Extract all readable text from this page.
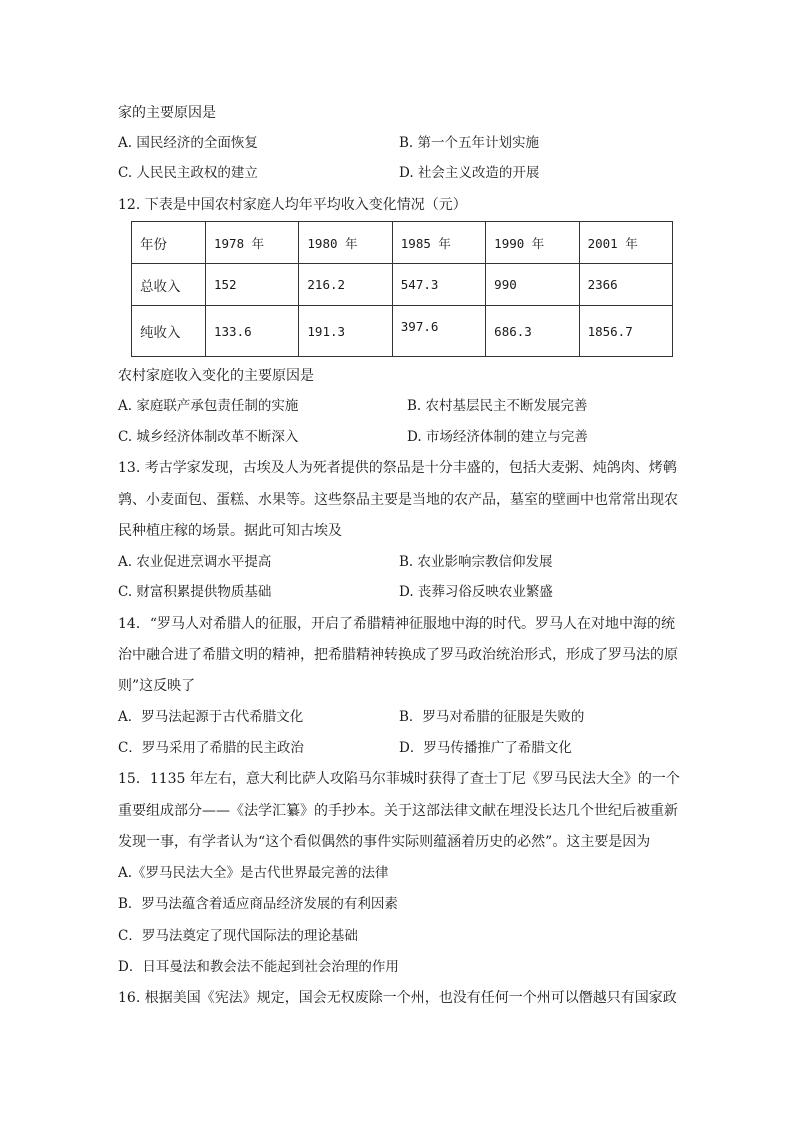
家的主要原因是
A. 国民经济的全面恢复	B. 第一个五年计划实施
C. 人民民主政权的建立	D. 社会主义改造的开展
12. 下表是中国农村家庭人均年平均收入变化情况（元）
年份	1978 年	1980 年	1985 年	1990 年	2001 年
总收入	152	216.2	547.3	990	2366
纯收入	133.6	191.3	397.6	686.3	1856.7
农村家庭收入变化的主要原因是
A. 家庭联产承包责任制的实施	B. 农村基层民主不断发展完善
C. 城乡经济体制改革不断深入	D. 市场经济体制的建立与完善
13. 考古学家发现，古埃及人为死者提供的祭品是十分丰盛的，包括大麦粥、炖鸽肉、烤鹌
鹑、小麦面包、蛋糕、水果等。这些祭品主要是当地的农产品，墓室的壁画中也常常出现农
民种植庄稼的场景。据此可知古埃及
A. 农业促进烹调水平提高	B. 农业影响宗教信仰发展
C. 财富积累提供物质基础	D. 丧葬习俗反映农业繁盛
14．“罗马人对希腊人的征服，开启了希腊精神征服地中海的时代。罗马人在对地中海的统
治中融合进了希腊文明的精神，把希腊精神转换成了罗马政治统治形式，形成了罗马法的原
则”这反映了
A．罗马法起源于古代希腊文化	B．罗马对希腊的征服是失败的
C．罗马采用了希腊的民主政治	D．罗马传播推广了希腊文化
15．1135 年左右，意大利比萨人攻陷马尔菲城时获得了查士丁尼《罗马民法大全》的一个
重要组成部分——《法学汇纂》的手抄本。关于这部法律文献在埋没长达几个世纪后被重新
发现一事，有学者认为“这个看似偶然的事件实际则蕴涵着历史的必然”。这主要是因为
A.《罗马民法大全》是古代世界最完善的法律
B．罗马法蕴含着适应商品经济发展的有利因素
C．罗马法奠定了现代国际法的理论基础
D．日耳曼法和教会法不能起到社会治理的作用
16. 根据美国《宪法》规定，国会无权废除一个州，也没有任何一个州可以僭越只有国家政
